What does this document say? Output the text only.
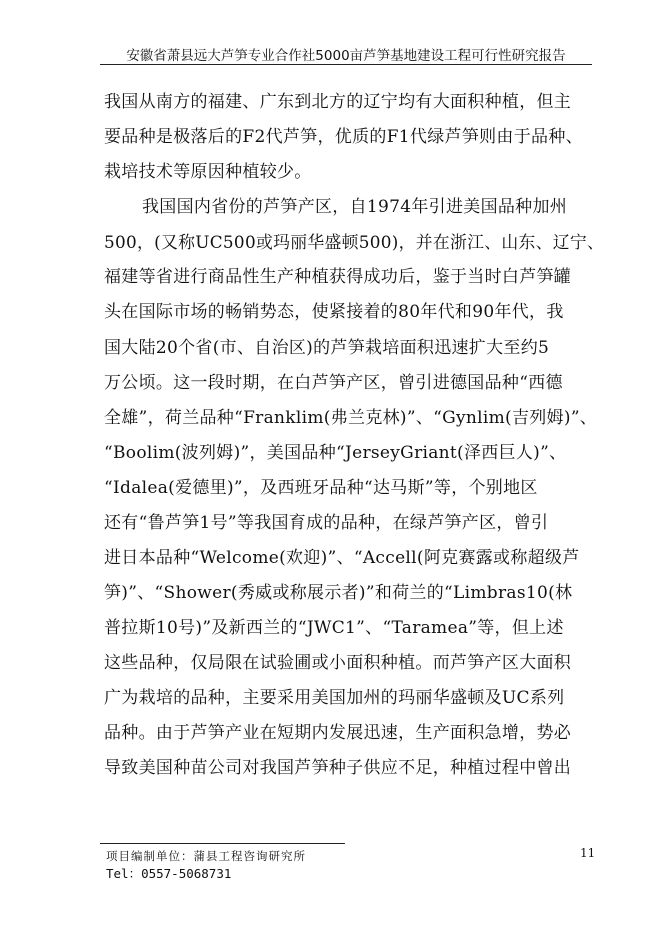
安徽省萧县远大芦笋专业合作社5000亩芦笋基地建设工程可行性研究报告
我国从南方的福建、广东到北方的辽宁均有大面积种植，但主
要品种是极落后的F2代芦笋，优质的F1代绿芦笋则由于品种、
栽培技术等原因种植较少。
我国国内省份的芦笋产区，自1974年引进美国品种加州
500，(又称UC500或玛丽华盛顿500)，并在浙江、山东、辽宁、
福建等省进行商品性生产种植获得成功后，鉴于当时白芦笋罐
头在国际市场的畅销势态，使紧接着的80年代和90年代，我
国大陆20个省(市、自治区)的芦笋栽培面积迅速扩大至约5
万公顷。这一段时期，在白芦笋产区，曾引进德国品种“西德
全雄”，荷兰品种“Franklim(弗兰克林)”、“Gynlim(吉列姆)”、
“Boolim(波列姆)”，美国品种“JerseyGriant(泽西巨人)”、
“Idalea(爱德里)”，及西班牙品种“达马斯”等，个别地区
还有“鲁芦笋1号”等我国育成的品种，在绿芦笋产区，曾引
进日本品种“Welcome(欢迎)”、“Accell(阿克赛露或称超级芦
笋)”、“Shower(秀威或称展示者)”和荷兰的“Limbras10(林
普拉斯10号)”及新西兰的“JWC1”、“Taramea”等，但上述
这些品种，仅局限在试验圃或小面积种植。而芦笋产区大面积
广为栽培的品种，主要采用美国加州的玛丽华盛顿及UC系列
品种。由于芦笋产业在短期内发展迅速，生产面积急增，势必
导致美国种苗公司对我国芦笋种子供应不足，种植过程中曾出
项目编制单位：蒲县工程咨询研究所
Tel：0557-5068731
11
